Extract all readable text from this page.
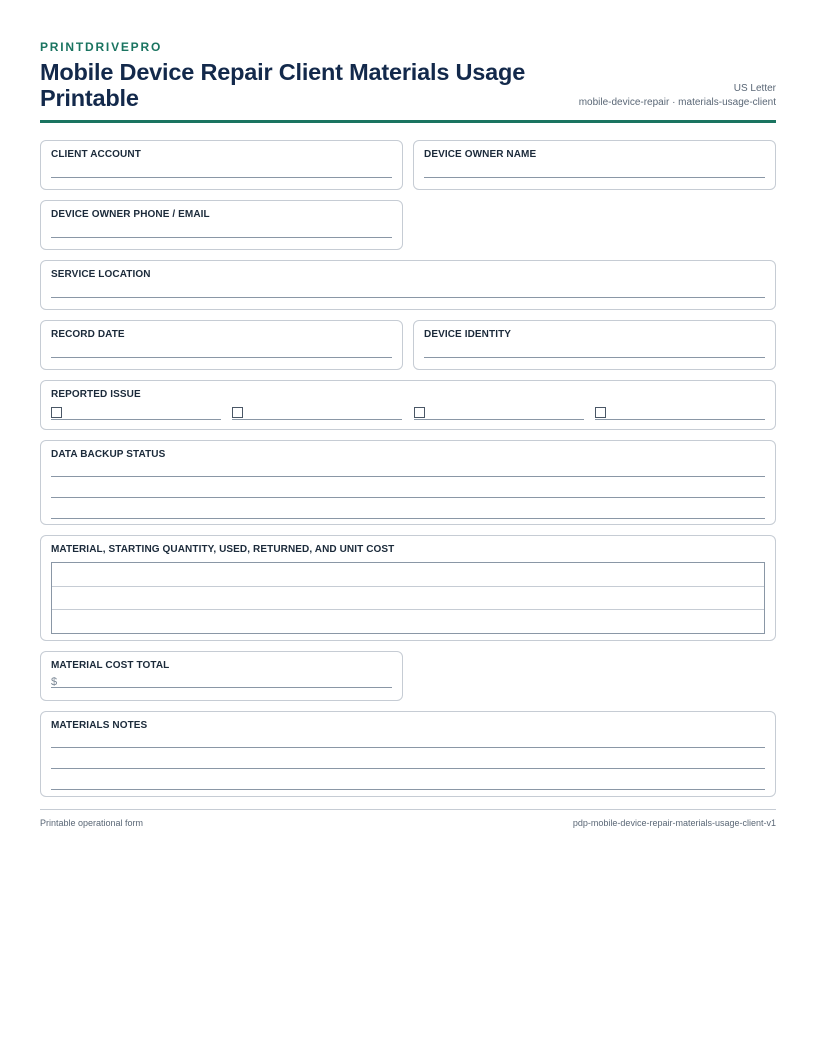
PRINTDRIVEPRO
Mobile Device Repair Client Materials Usage Printable	US Letter
mobile-device-repair · materials-usage-client
CLIENT ACCOUNT	DEVICE OWNER NAME
DEVICE OWNER PHONE / EMAIL
SERVICE LOCATION
RECORD DATE	DEVICE IDENTITY
REPORTED ISSUE
DATA BACKUP STATUS
MATERIAL, STARTING QUANTITY, USED, RETURNED, AND UNIT COST
MATERIAL COST TOTAL
$
MATERIALS NOTES
Printable operational form	pdp-mobile-device-repair-materials-usage-client-v1
